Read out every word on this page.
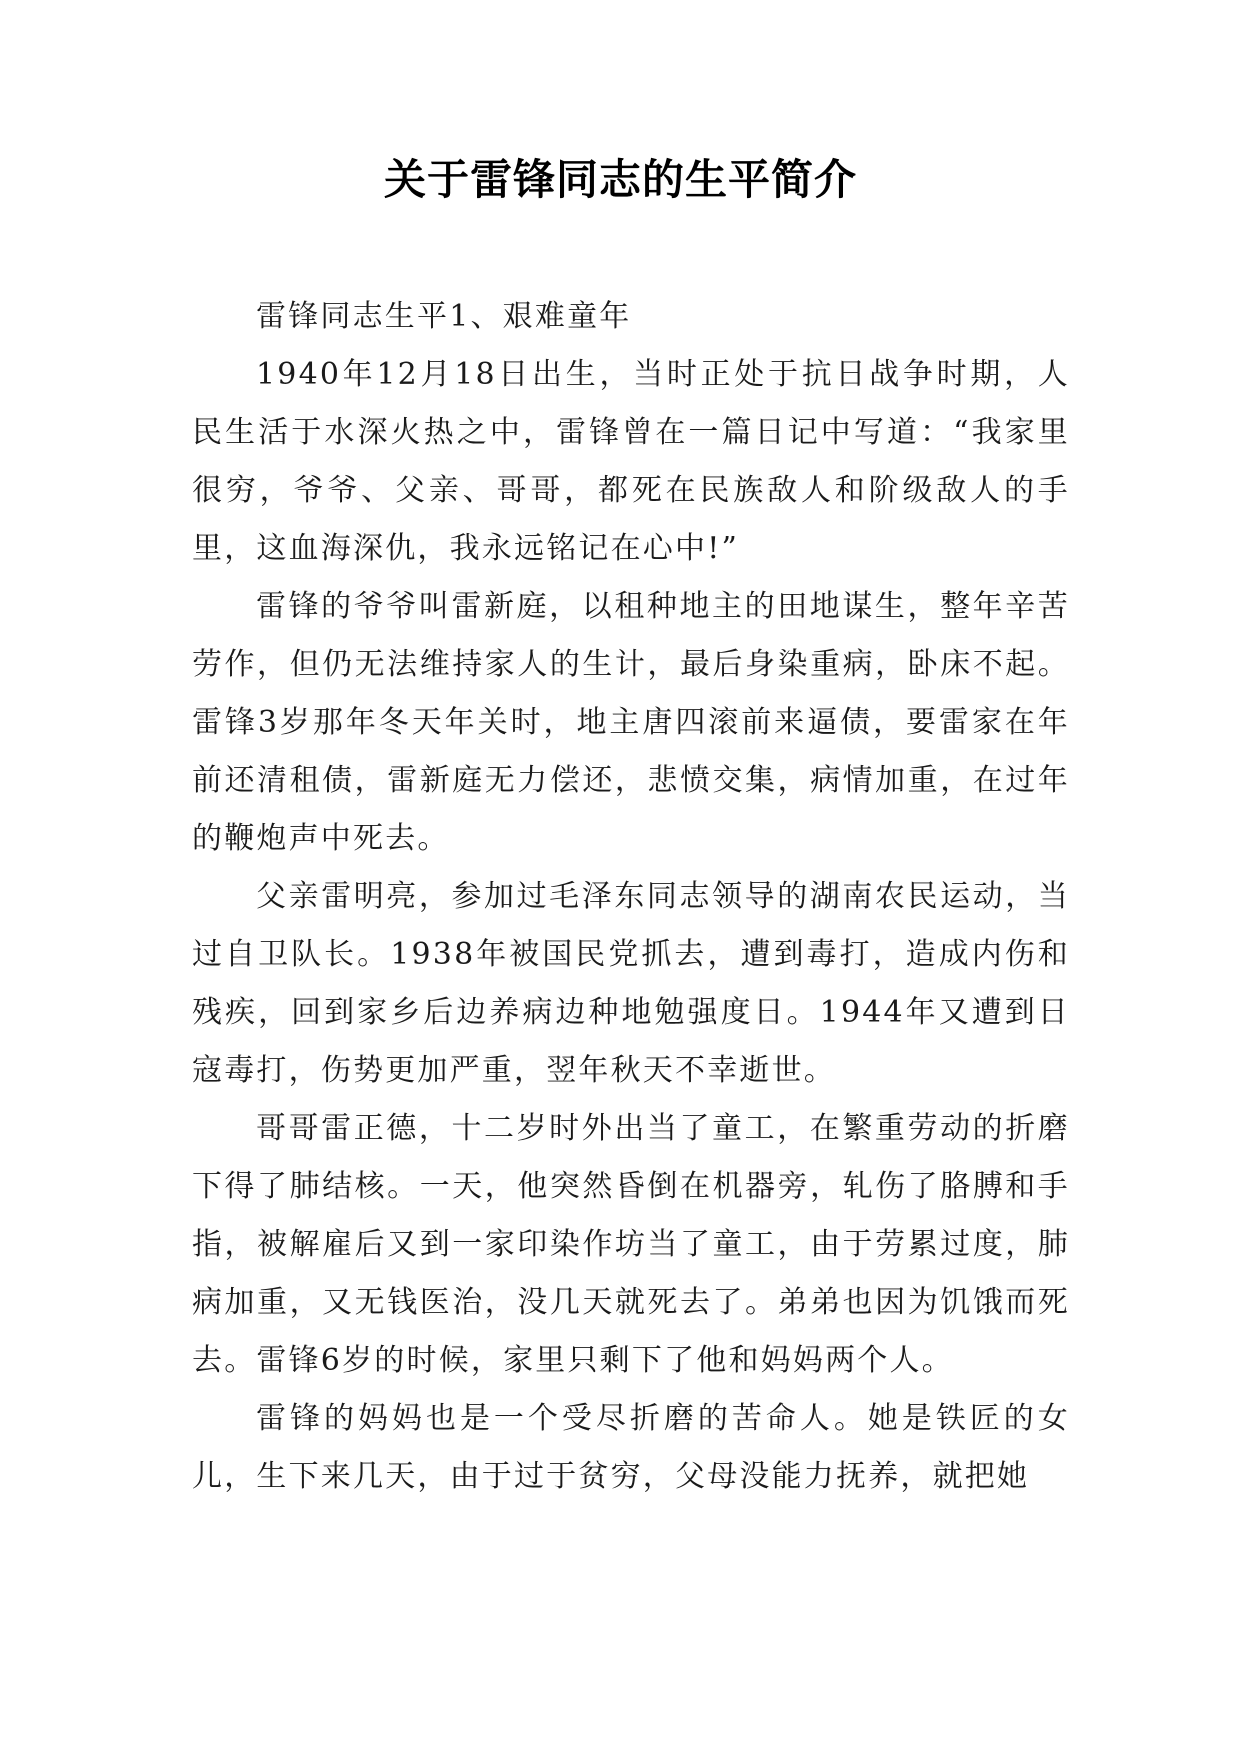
关于雷锋同志的生平简介

雷锋同志生平1、艰难童年

1940年12月18日出生，当时正处于抗日战争时期，人民生活于水深火热之中，雷锋曾在一篇日记中写道：“我家里很穷，爷爷、父亲、哥哥，都死在民族敌人和阶级敌人的手里，这血海深仇，我永远铭记在心中!”

雷锋的爷爷叫雷新庭，以租种地主的田地谋生，整年辛苦劳作，但仍无法维持家人的生计，最后身染重病，卧床不起。雷锋3岁那年冬天年关时，地主唐四滚前来逼债，要雷家在年前还清租债，雷新庭无力偿还，悲愤交集，病情加重，在过年的鞭炮声中死去。

父亲雷明亮，参加过毛泽东同志领导的湖南农民运动，当过自卫队长。1938年被国民党抓去，遭到毒打，造成内伤和残疾，回到家乡后边养病边种地勉强度日。1944年又遭到日寇毒打，伤势更加严重，翌年秋天不幸逝世。

哥哥雷正德，十二岁时外出当了童工，在繁重劳动的折磨下得了肺结核。一天，他突然昏倒在机器旁，轧伤了胳膊和手指，被解雇后又到一家印染作坊当了童工，由于劳累过度，肺病加重，又无钱医治，没几天就死去了。弟弟也因为饥饿而死去。雷锋6岁的时候，家里只剩下了他和妈妈两个人。

雷锋的妈妈也是一个受尽折磨的苦命人。她是铁匠的女儿，生下来几天，由于过于贫穷，父母没能力抚养，就把她
